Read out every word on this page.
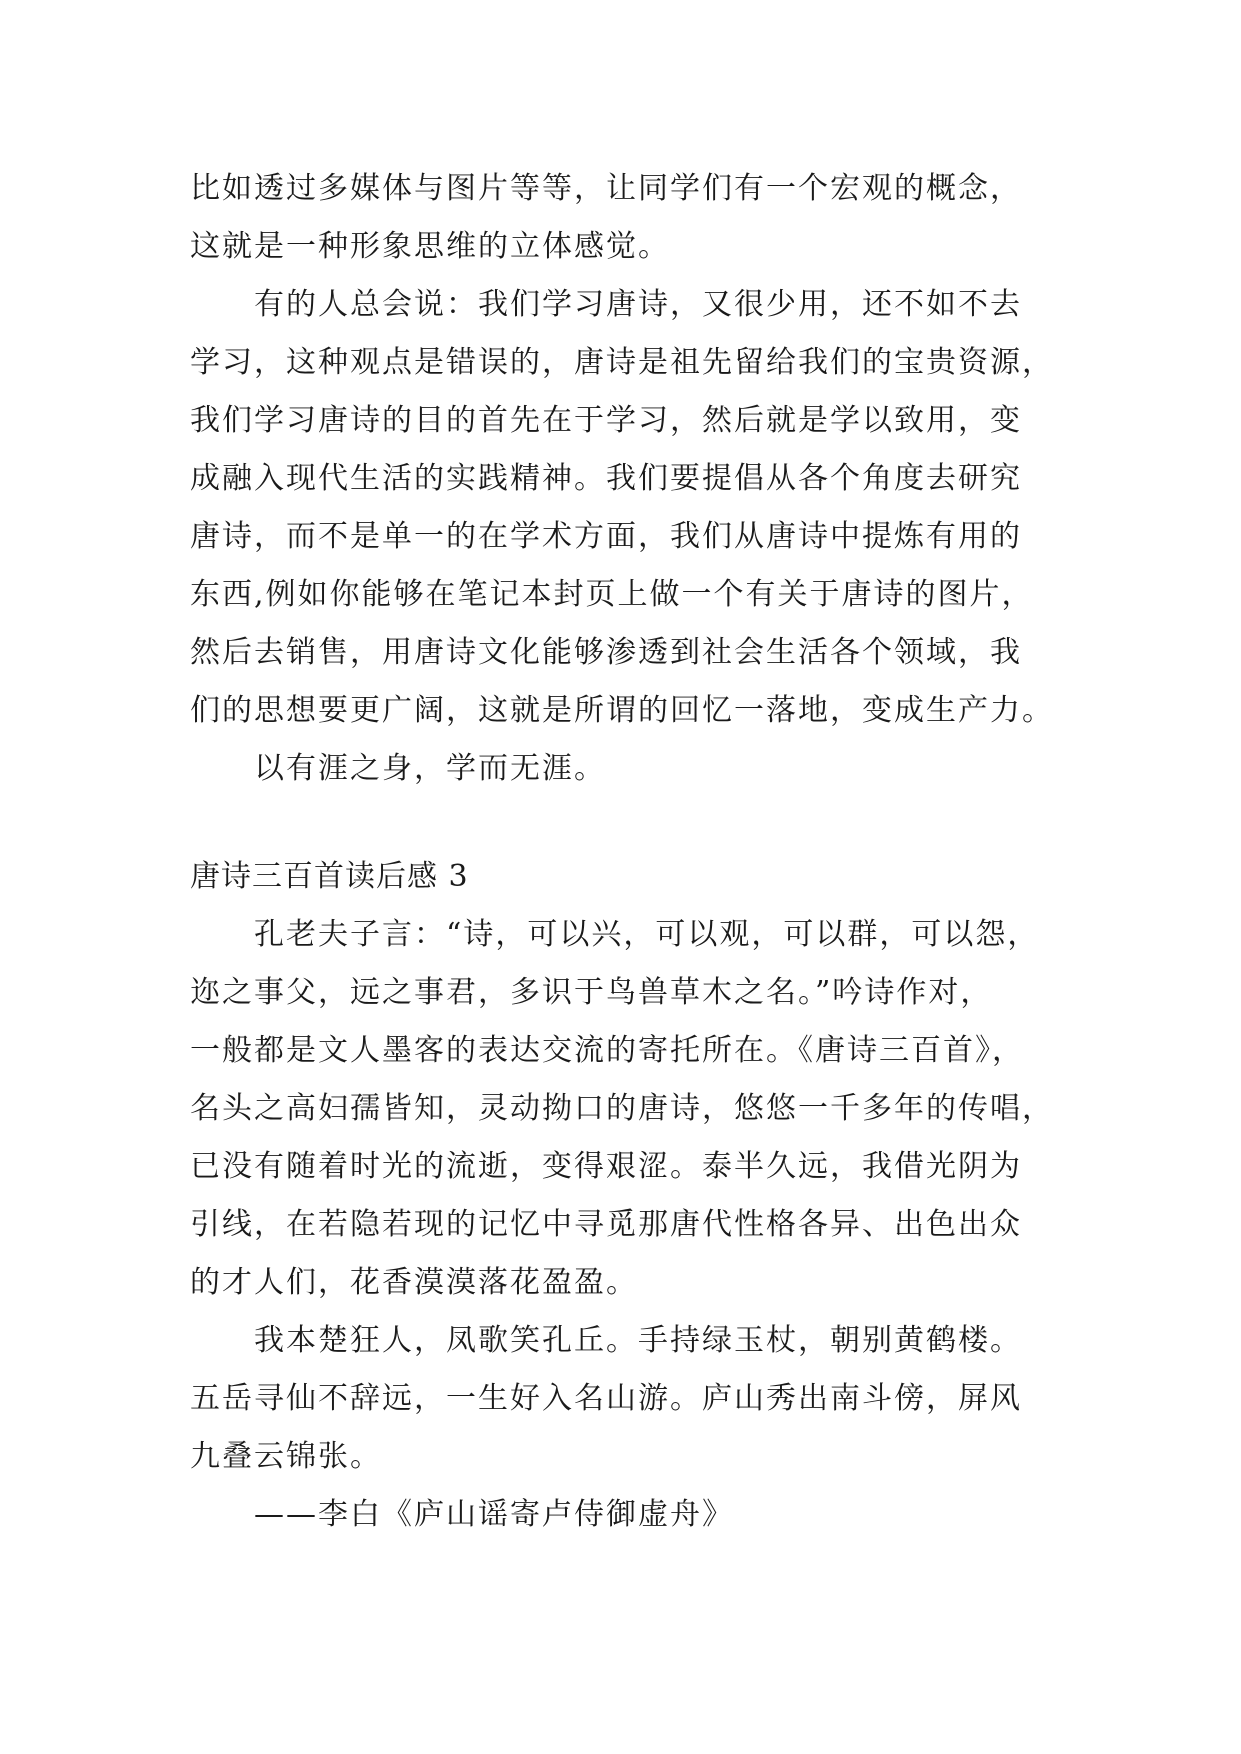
比如透过多媒体与图片等等，让同学们有一个宏观的概念，
这就是一种形象思维的立体感觉。
有的人总会说：我们学习唐诗，又很少用，还不如不去
学习，这种观点是错误的，唐诗是祖先留给我们的宝贵资源，
我们学习唐诗的目的首先在于学习，然后就是学以致用，变
成融入现代生活的实践精神。我们要提倡从各个角度去研究
唐诗，而不是单一的在学术方面，我们从唐诗中提炼有用的
东西,例如你能够在笔记本封页上做一个有关于唐诗的图片，
然后去销售，用唐诗文化能够渗透到社会生活各个领域，我
们的思想要更广阔，这就是所谓的回忆一落地，变成生产力。
以有涯之身，学而无涯。
唐诗三百首读后感 3
孔老夫子言：“诗，可以兴，可以观，可以群，可以怨，
迩之事父，远之事君，多识于鸟兽草木之名。”吟诗作对，
一般都是文人墨客的表达交流的寄托所在。《唐诗三百首》，
名头之高妇孺皆知，灵动拗口的唐诗，悠悠一千多年的传唱，
已没有随着时光的流逝，变得艰涩。泰半久远，我借光阴为
引线，在若隐若现的记忆中寻觅那唐代性格各异、出色出众
的才人们，花香漠漠落花盈盈。
我本楚狂人，凤歌笑孔丘。手持绿玉杖，朝别黄鹤楼。
五岳寻仙不辞远，一生好入名山游。庐山秀出南斗傍，屏风
九叠云锦张。
——李白《庐山谣寄卢侍御虚舟》
